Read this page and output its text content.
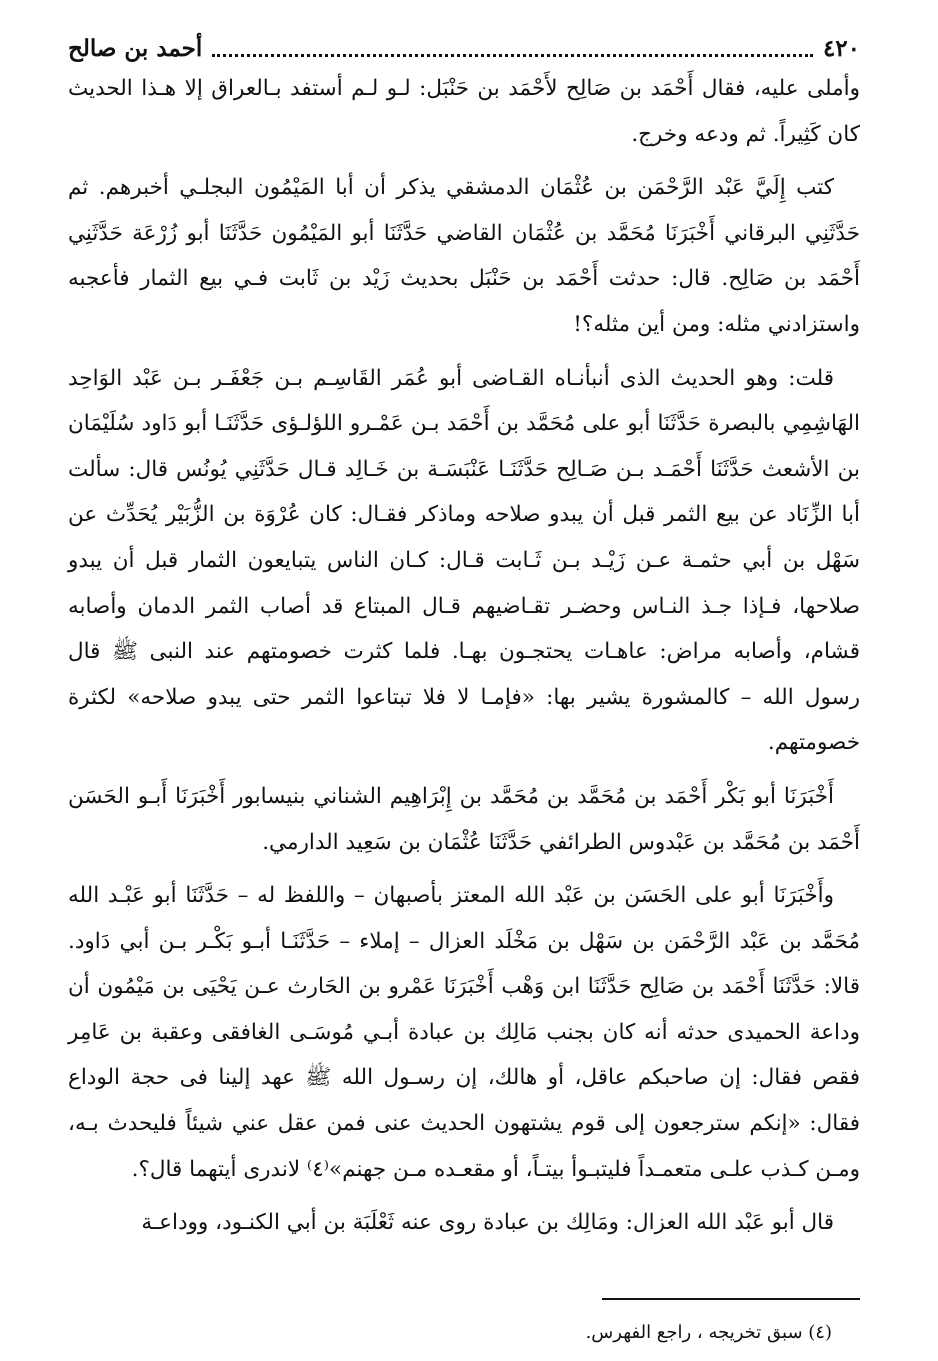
٤٢٠
أحمد بن صالح

وأملى عليه، فقال أَحْمَد بن صَالِح لأَحْمَد بن حَنْبَل: لـو لـم أستفد بـالعراق إلا هـذا الحديث كان كَثِيراً. ثم ودعه وخرج.

كتب إِلَيَّ عَبْد الرَّحْمَن بن عُثْمَان الدمشقي يذكر أن أبا المَيْمُون البجلـي أخبرهم. ثم حَدَّثَنِي البرقاني أَخْبَرَنَا مُحَمَّد بن عُثْمَان القاضي حَدَّثَنَا أبو المَيْمُون حَدَّثَنَا أبو زُرْعَة حَدَّثَنِي أَحْمَد بن صَالِح. قال: حدثت أَحْمَد بن حَنْبَل بحديث زَيْد بن ثَابت فـي بيع الثمار فأعجبه واستزادني مثله: ومن أين مثله؟!

قلت: وهو الحديث الذى أنبأنـاه القـاضى أبو عُمَر القَاسِـم بـن جَعْفَـر بـن عَبْد الوَاحِد الهَاشِمِي بالبصرة حَدَّثَنَا أبو على مُحَمَّد بن أَحْمَد بـن عَمْـرو اللؤلـؤى حَدَّثَنَـا أبو دَاود سُلَيْمَان بن الأشعث حَدَّثَنَا أَحْمَـد بـن صَـالِح حَدَّثَنَـا عَنْبَسَـة بن خَـالِد قـال حَدَّثَنِي يُونُس قال: سألت أبا الزِّنَاد عن بيع الثمر قبل أن يبدو صلاحه وماذكر فقـال: كان عُرْوَة بن الزُّبَيْر يُحَدِّث عن سَهْل بن أبي حثمـة عـن زَيْـد بـن ثَـابت قـال: كـان الناس يتبايعون الثمار قبل أن يبدو صلاحها، فـإذا جـذ النـاس وحضـر تقـاضيهم قـال المبتاع قد أصاب الثمر الدمان وأصابه قشام، وأصابه مراض: عاهـات يحتجـون بهـا. فلما كثرت خصومتهم عند النبى ﷺ قال رسول الله – كالمشورة يشير بها: «فإمـا لا فلا تبتاعوا الثمر حتى يبدو صلاحه» لكثرة خصومتهم.

أَخْبَرَنَا أبو بَكْر أَحْمَد بن مُحَمَّد بن مُحَمَّد بن إِبْرَاهِيم الشناني بنيسابور أَخْبَرَنَا أَبـو الحَسَن أَحْمَد بن مُحَمَّد بن عَبْدوس الطرائفي حَدَّثَنَا عُثْمَان بن سَعِيد الدارمي.

وأَخْبَرَنَا أبو على الحَسَن بن عَبْد الله المعتز بأصبهان – واللفظ له – حَدَّثَنَا أبو عَبْـد الله مُحَمَّد بن عَبْد الرَّحْمَن بن سَهْل بن مَخْلَد العزال – إملاء – حَدَّثَنَـا أبـو بَكْـر بـن أبي دَاود. قالا: حَدَّثَنَا أَحْمَد بن صَالِح حَدَّثَنَا ابن وَهْب أَخْبَرَنَا عَمْرو بن الحَارث عـن يَحْيَى بن مَيْمُون أن وداعة الحميدى حدثه أنه كان بجنب مَالِك بن عبادة أبـي مُوسَـى الغافقى وعقبة بن عَامِر فقص فقال: إن صاحبكم عاقل، أو هالك، إن رسـول الله ﷺ عهد إلينا فى حجة الوداع فقال: «إنكم سترجعون إلى قوم يشتهون الحديث عنى فمن عقل عني شيئاً فليحدث بـه، ومـن كـذب علـى متعمـداً فليتبـوأ بيتـاً، أو مقعـده مـن جهنم»⁽٤⁾ لاندرى أيتهما قال؟.

قال أبو عَبْد الله العزال: ومَالِك بن عبادة روى عنه ثَعْلَبَة بن أبي الكنـود، ووداعـة

(٤) سبق تخريجه ، راجع الفهرس.
